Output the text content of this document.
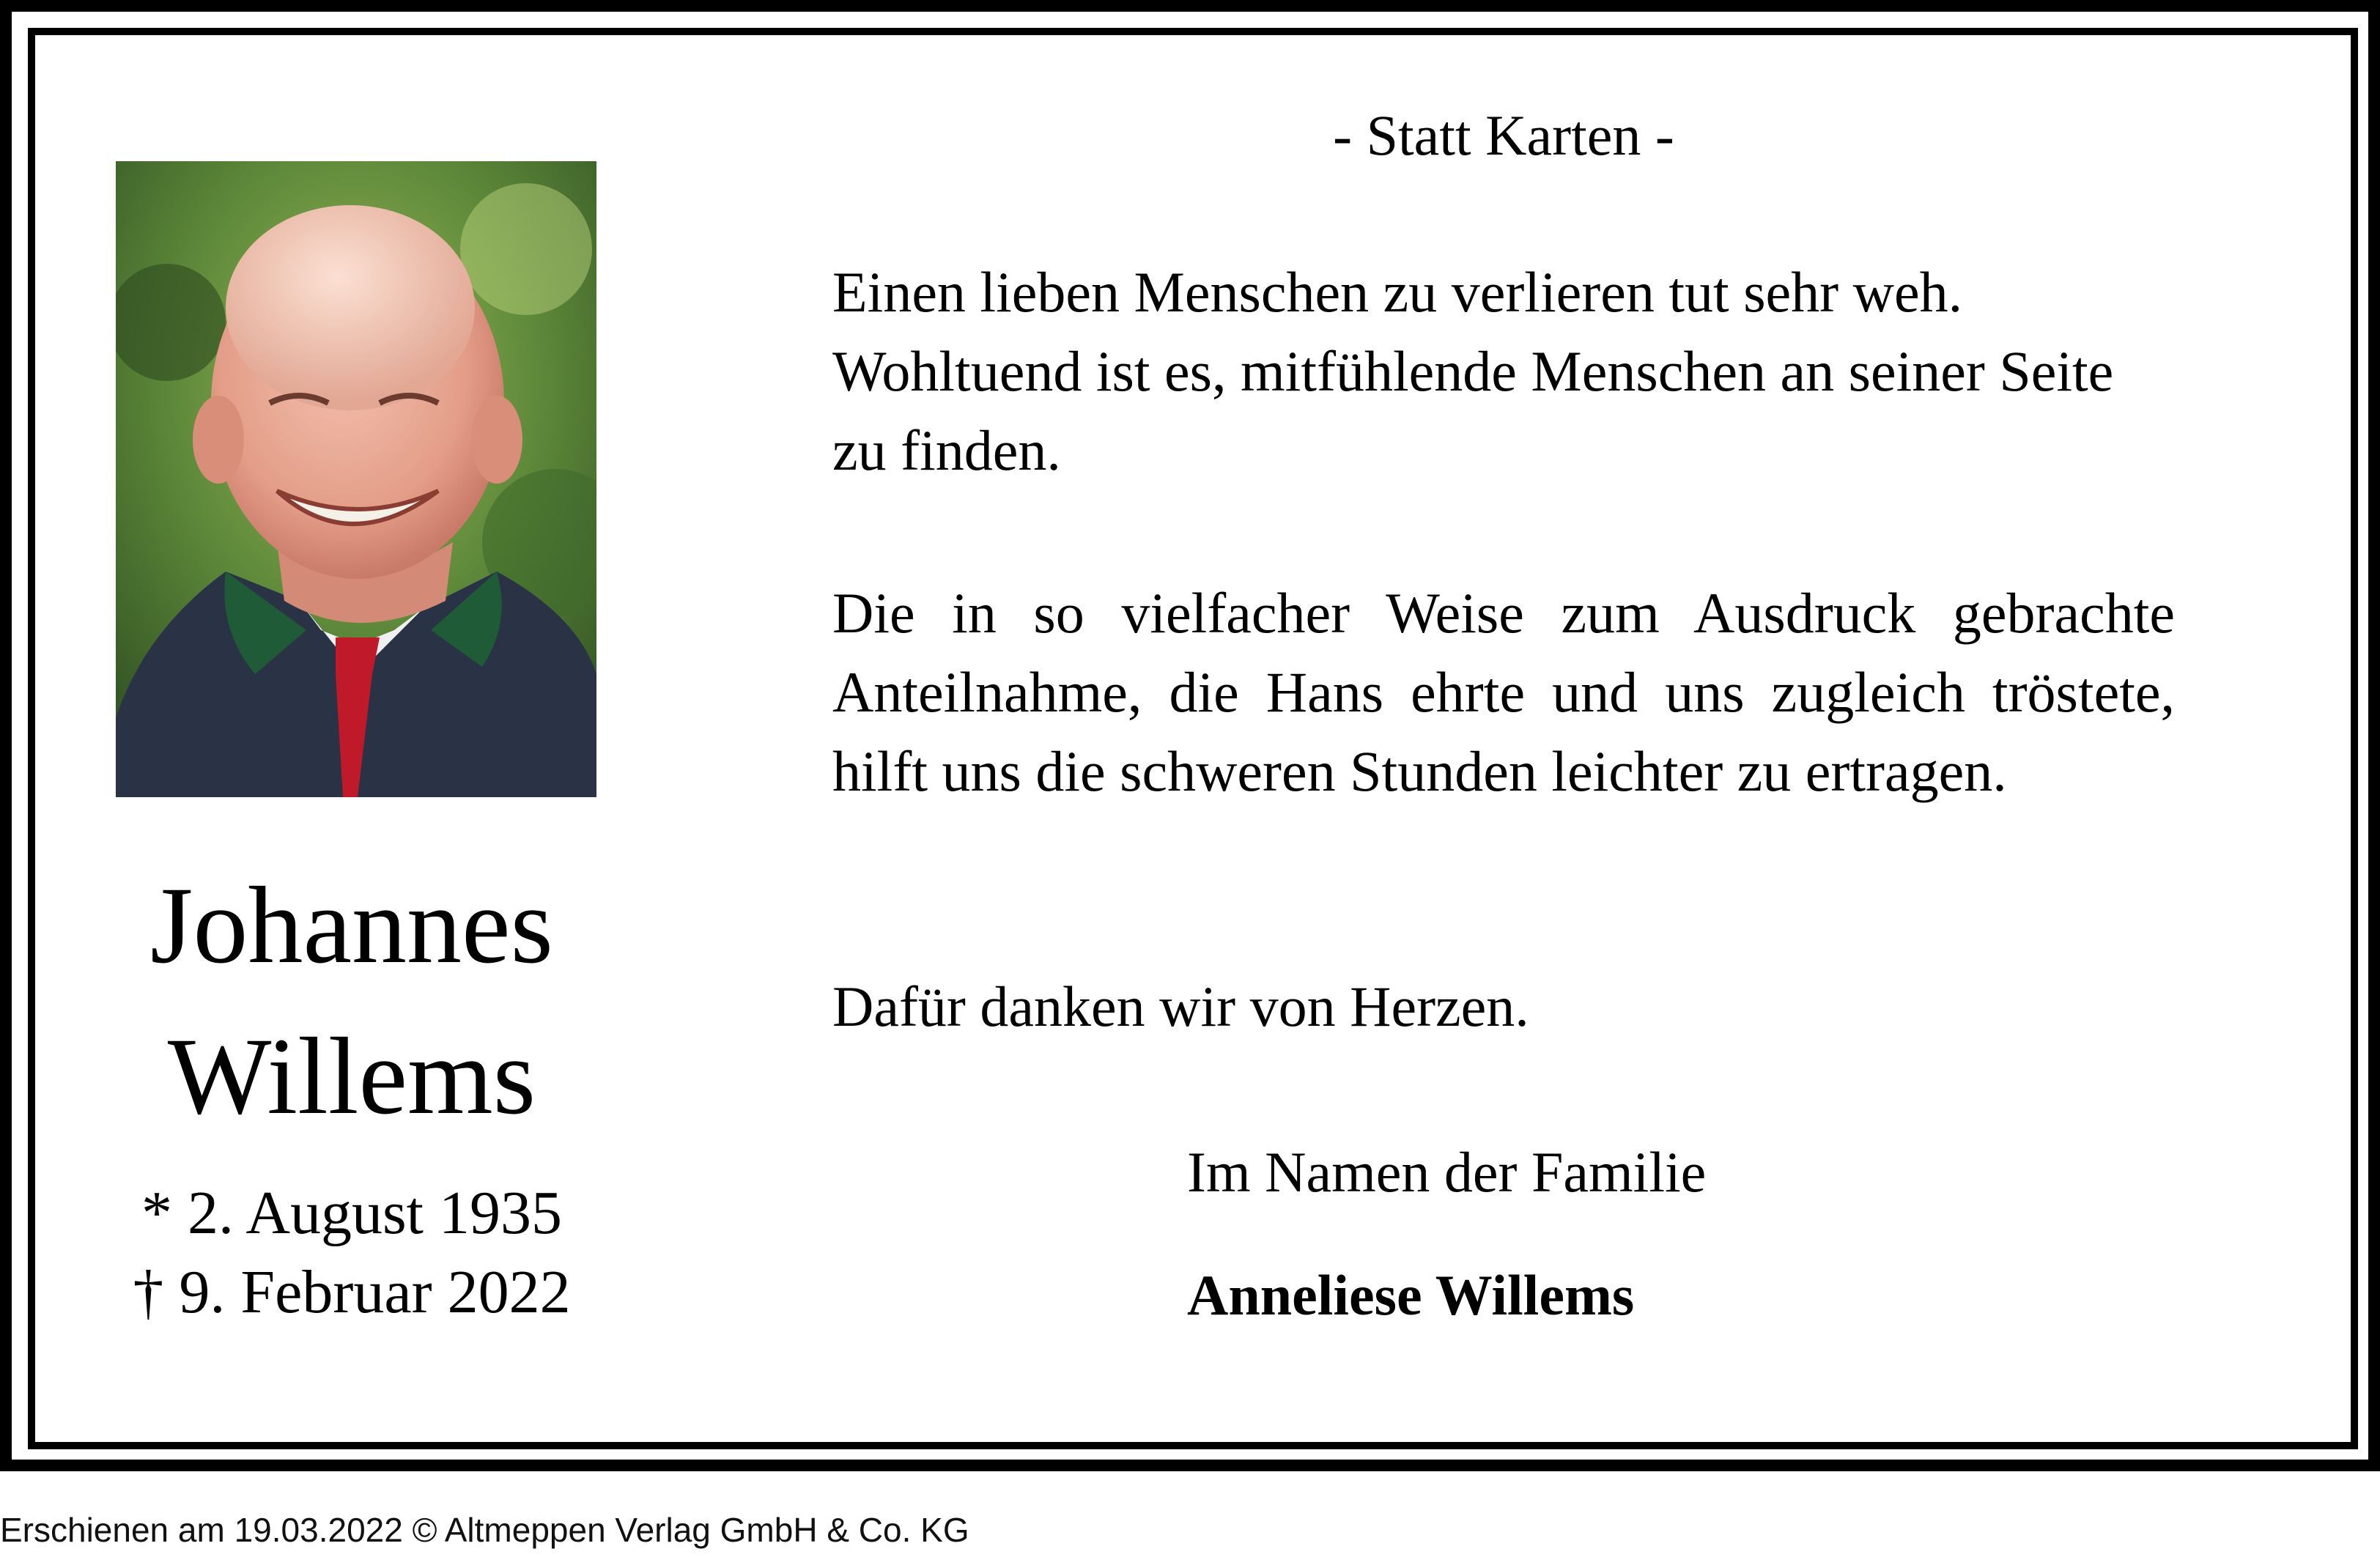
Johannes
Willems
* 2. August 1935
† 9. Februar 2022
- Statt Karten -
Einen lieben Menschen zu verlieren tut sehr weh. Wohltuend ist es, mitfühlende Menschen an seiner Seite zu finden.
Die in so vielfacher Weise zum Ausdruck gebrachte Anteilnahme, die Hans ehrte und uns zugleich tröstete, hilft uns die schweren Stunden leichter zu ertragen.
Dafür danken wir von Herzen.
Im Namen der Familie
Anneliese Willems
Erschienen am 19.03.2022 © Altmeppen Verlag GmbH & Co. KG
